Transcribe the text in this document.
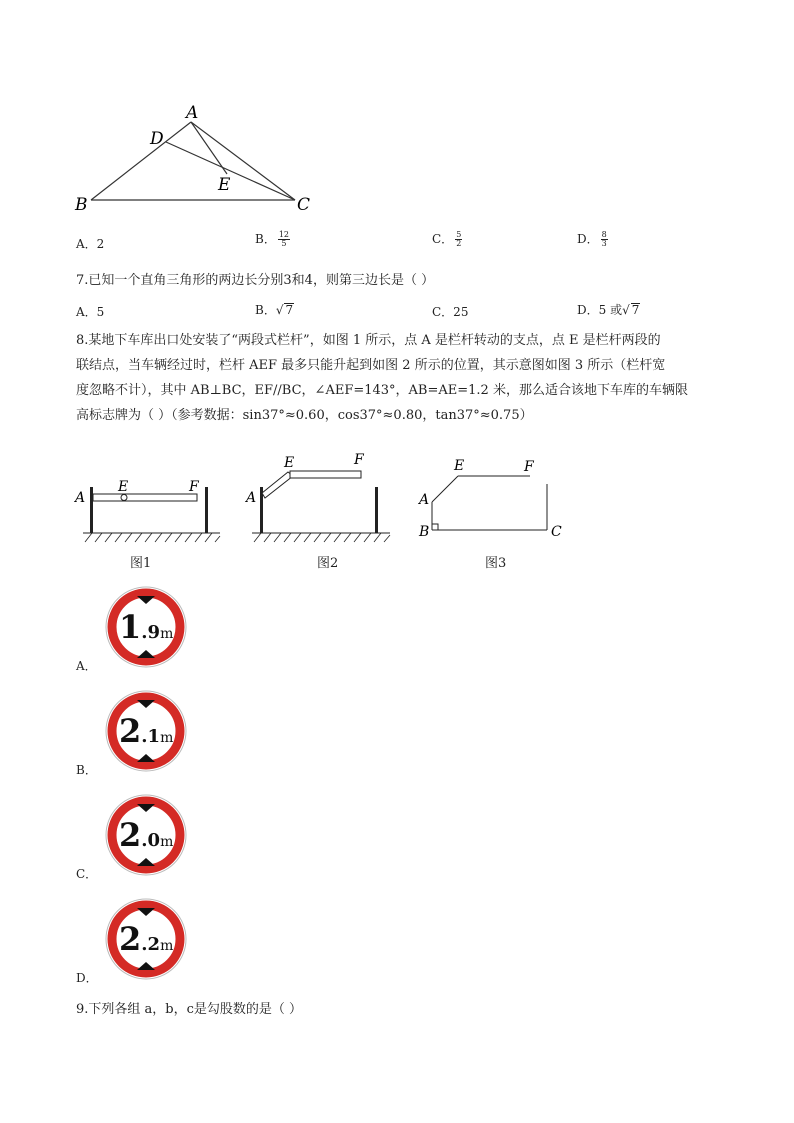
A
D
E
B	C
A．2	B． $\frac{12}{5}$	C． $\frac{5}{2}$	D． $\frac{8}{3}$
7.已知一个直角三角形的两边长分别3和4，则第三边长是（ ）
A．5	B．√ 7	C．25	D．5 或√ 7
8.某地下车库出口处安装了“两段式栏杆”，如图 1 所示，点 A 是栏杆转动的支点，点 E 是栏杆两段的
联结点，当车辆经过时，栏杆 AEF 最多只能升起到如图 2 所示的位置，其示意图如图 3 所示（栏杆宽
度忽略不计），其中 AB⊥BC，EF//BC，∠AEF=143°，AB=AE=1.2 米，那么适合该地下车库的车辆限
高标志牌为（ ）（参考数据：sin37°≈0.60，cos37°≈0.80，tan37°≈0.75）
A
E	F
A
E	F
A
B	C
E	F
图1	图2	图3
1.9m
2.1m
2.0m
2.2m
9.下列各组 a，b，c是勾股数的是（ ）
A．
B．
C．
D．
